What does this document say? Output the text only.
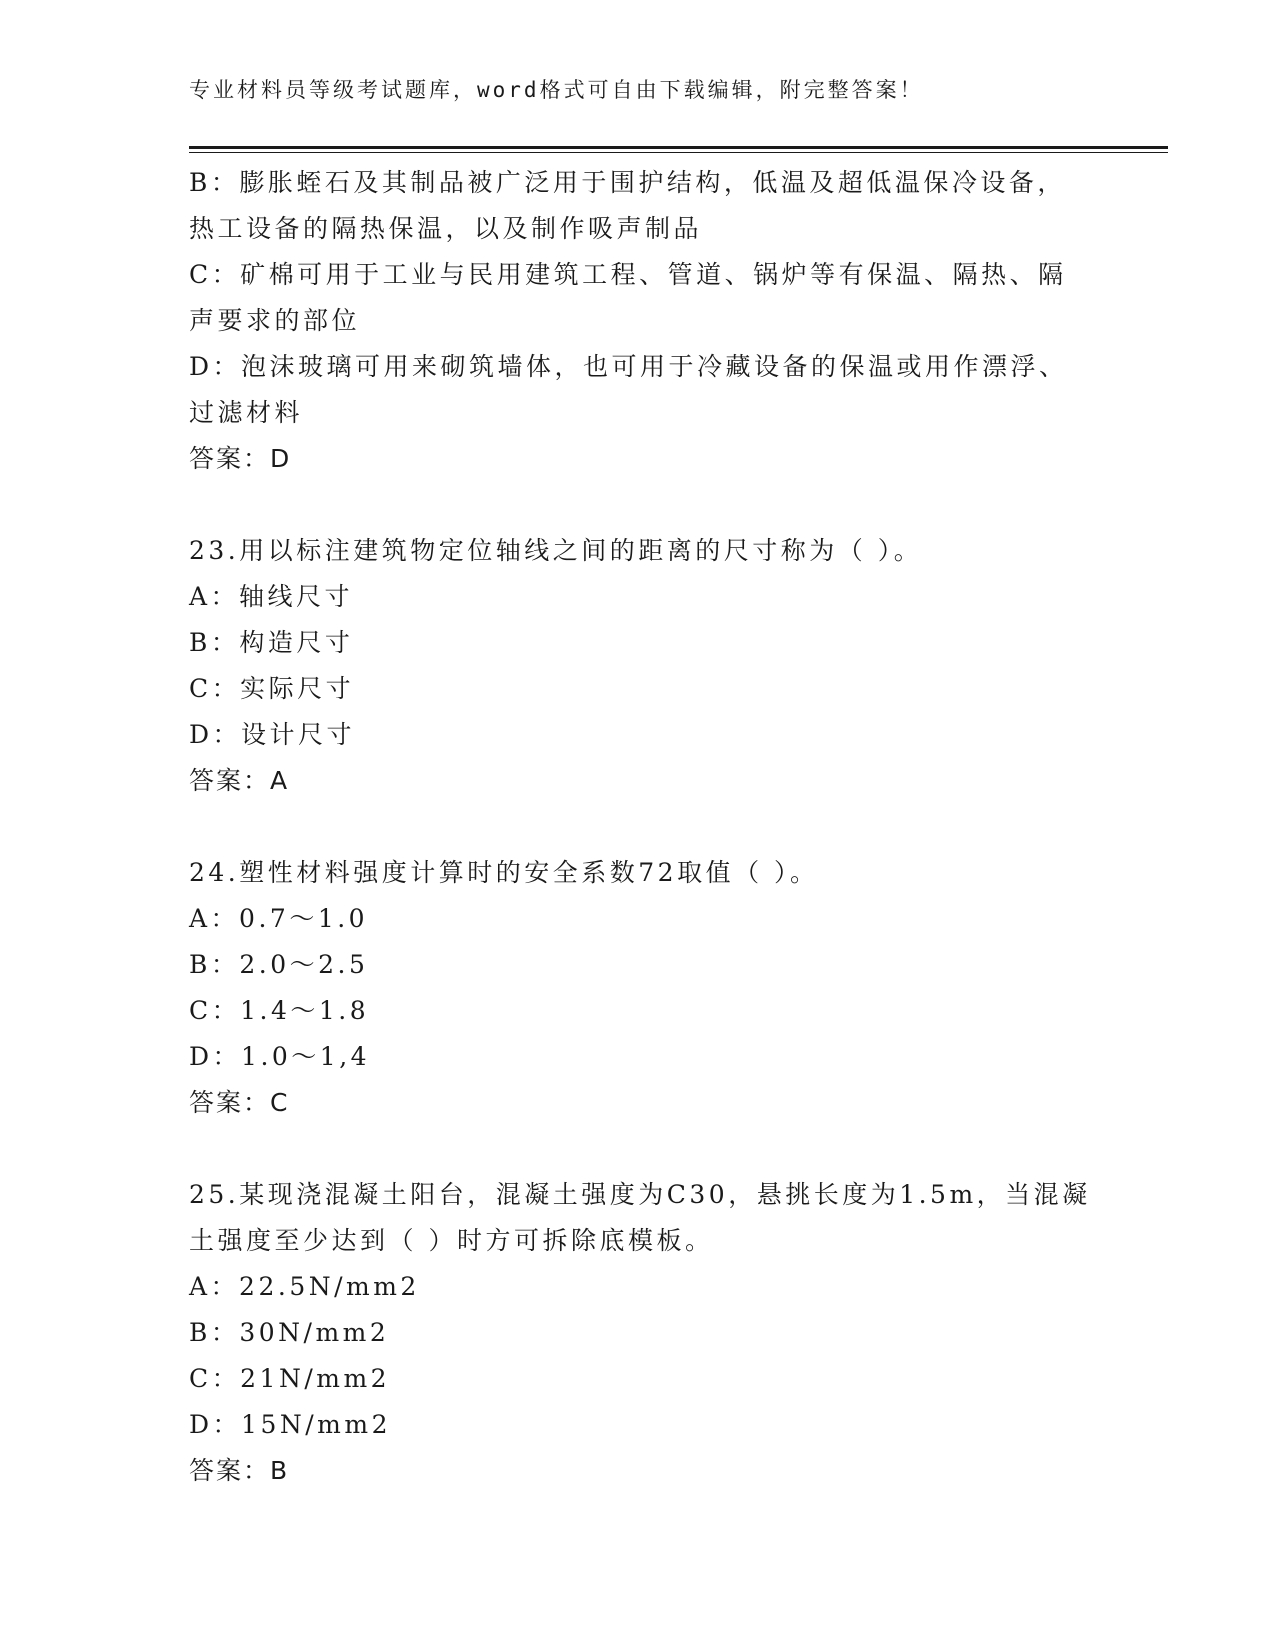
专业材料员等级考试题库，word格式可自由下载编辑，附完整答案！
B：膨胀蛭石及其制品被广泛用于围护结构，低温及超低温保冷设备，
热工设备的隔热保温，以及制作吸声制品
C：矿棉可用于工业与民用建筑工程、管道、锅炉等有保温、隔热、隔
声要求的部位
D：泡沫玻璃可用来砌筑墙体，也可用于冷藏设备的保温或用作漂浮、
过滤材料
答案：D
23.用以标注建筑物定位轴线之间的距离的尺寸称为（ ）。
A：轴线尺寸
B：构造尺寸
C：实际尺寸
D：设计尺寸
答案：A
24.塑性材料强度计算时的安全系数72取值（ ）。
A：0.7～1.0
B：2.0～2.5
C：1.4～1.8
D：1.0～1,4
答案：C
25.某现浇混凝土阳台，混凝土强度为C30，悬挑长度为1.5m，当混凝
土强度至少达到（ ）时方可拆除底模板。
A：22.5N/mm2
B：30N/mm2
C：21N/mm2
D：15N/mm2
答案：B
